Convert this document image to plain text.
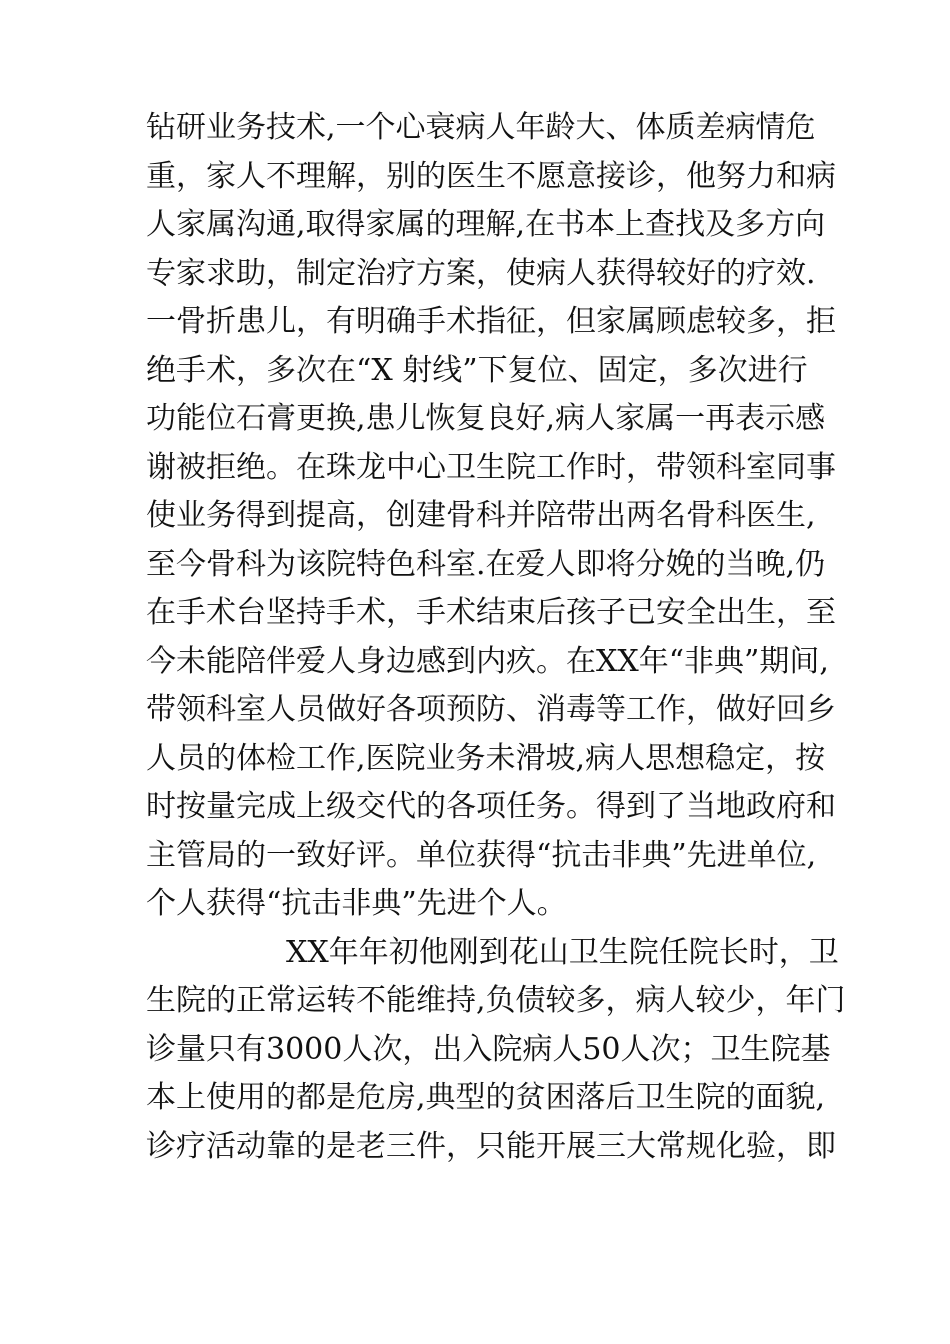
钻研业务技术,一个心衰病人年龄大、体质差病情危
重，家人不理解，别的医生不愿意接诊，他努力和病
人家属沟通,取得家属的理解,在书本上查找及多方向
专家求助，制定治疗方案，使病人获得较好的疗效.
一骨折患儿，有明确手术指征，但家属顾虑较多，拒
绝手术，多次在“X 射线”下复位、固定，多次进行
功能位石膏更换,患儿恢复良好,病人家属一再表示感
谢被拒绝。在珠龙中心卫生院工作时，带领科室同事
使业务得到提高，创建骨科并陪带出两名骨科医生,
至今骨科为该院特色科室.在爱人即将分娩的当晚,仍
在手术台坚持手术，手术结束后孩子已安全出生，至
今未能陪伴爱人身边感到内疚。在XX年“非典”期间,
带领科室人员做好各项预防、消毒等工作，做好回乡
人员的体检工作,医院业务未滑坡,病人思想稳定，按
时按量完成上级交代的各项任务。得到了当地政府和
主管局的一致好评。单位获得“抗击非典”先进单位,
个人获得“抗击非典”先进个人。
XX年年初他刚到花山卫生院任院长时，卫
生院的正常运转不能维持,负债较多，病人较少，年门
诊量只有3000人次，出入院病人50人次；卫生院基
本上使用的都是危房,典型的贫困落后卫生院的面貌,
诊疗活动靠的是老三件，只能开展三大常规化验，即
